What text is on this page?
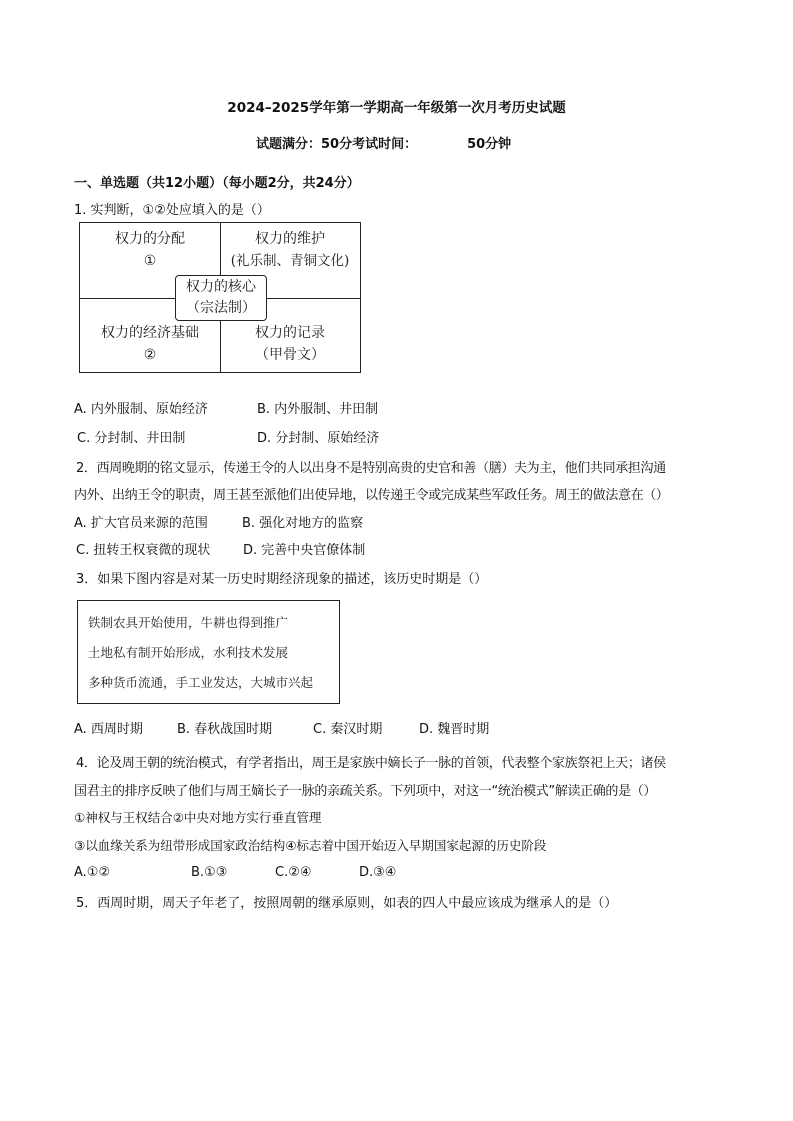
2024–2025学年第一学期高一年级第一次月考历史试题
试题满分：50分考试时间：	50分钟
一、单选题（共12小题）（每小题2分，共24分）
1. 实判断，①②处应填入的是（）
权力的分配
①
权力的维护
(礼乐制、青铜文化)
权力的经济基础
②
权力的记录
（甲骨文）
权力的核心
（宗法制）
A. 内外服制、原始经济	B. 内外服制、井田制
C. 分封制、井田制	D. 分封制、原始经济
2．西周晚期的铭文显示，传递王令的人以出身不是特别高贵的史官和善（膳）夫为主，他们共同承担沟通
内外、出纳王令的职责，周王甚至派他们出使异地，以传递王令或完成某些军政任务。周王的做法意在（）
A. 扩大官员来源的范围	B. 强化对地方的监察
C. 扭转王权衰微的现状	D. 完善中央官僚体制
3．如果下图内容是对某一历史时期经济现象的描述，该历史时期是（）
铁制农具开始使用，牛耕也得到推广
土地私有制开始形成，水利技术发展
多种货币流通，手工业发达，大城市兴起
A. 西周时期	B. 春秋战国时期	C. 秦汉时期	D. 魏晋时期
4．论及周王朝的统治模式，有学者指出，周王是家族中嫡长子一脉的首领，代表整个家族祭祀上天；诸侯
国君主的排序反映了他们与周王嫡长子一脉的亲疏关系。下列项中，对这一“统治模式”解读正确的是（）
①神权与王权结合②中央对地方实行垂直管理
③以血缘关系为纽带形成国家政治结构④标志着中国开始迈入早期国家起源的历史阶段
A.①②	B.①③	C.②④	D.③④
5．西周时期，周天子年老了，按照周朝的继承原则，如表的四人中最应该成为继承人的是（）
